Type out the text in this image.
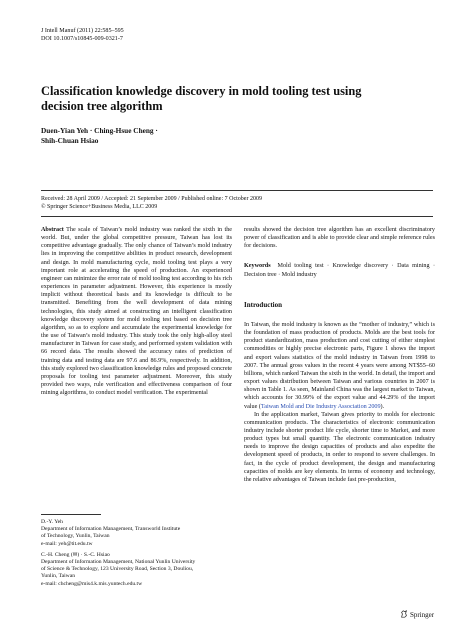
J Intell Manuf (2011) 22:585–595
DOI 10.1007/s10845-009-0321-7
Classification knowledge discovery in mold tooling test using decision tree algorithm
Duen-Yian Yeh · Ching-Hsue Cheng ·
Shih-Chuan Hsiao
Received: 28 April 2009 / Accepted: 21 September 2009 / Published online: 7 October 2009
© Springer Science+Business Media, LLC 2009

Abstract The scale of Taiwan’s mold industry was ranked the sixth in the world. But, under the global competitive pressure, Taiwan has lost its competitive advantage gradually. The only chance of Taiwan’s mold industry lies in improving the competitive abilities in product research, development and design. In mold manufacturing cycle, mold tooling test plays a very important role at accelerating the speed of production. An experienced engineer can minimize the error rate of mold tooling test according to his rich experiences in parameter adjustment. However, this experience is mostly implicit without theoretical basis and its knowledge is difficult to be transmitted. Benefiting from the well development of data mining technologies, this study aimed at constructing an intelligent classification knowledge discovery system for mold tooling test based on decision tree algorithm, so as to explore and accumulate the experimental knowledge for the use of Taiwan’s mold industry. This study took the only high-alloy steel manufacturer in Taiwan for case study, and performed system validation with 66 record data. The results showed the accuracy rates of prediction of training data and testing data are 97.6 and 86.9%, respectively. In addition, this study explored two classification knowledge rules and proposed concrete proposals for tooling test parameter adjustment. Moreover, this study provided two ways, rule verification and effectiveness comparison of four mining algorithms, to conduct model verification. The experimental

D.-Y. Yeh
Department of Information Management, Transworld Institute
of Technology, Yunlin, Taiwan
e-mail: yeh@tit.edu.tw

C.-H. Cheng (✉) · S.-C. Hsiao
Department of Information Management, National Yunlin University
of Science & Technology, 123 University Road, Section 3, Douliou,
Yunlin, Taiwan
e-mail: chcheng@mis4.k.mis.yuntech.edu.tw

results showed the decision tree algorithm has an excellent discriminatory power of classification and is able to provide clear and simple reference rules for decisions.

Keywords Mold tooling test · Knowledge discovery · Data mining · Decision tree · Mold industry

Introduction

In Taiwan, the mold industry is known as the “mother of industry,” which is the foundation of mass production of products. Molds are the best tools for product standardization, mass production and cost cutting of either simplest commodities or highly precise electronic parts, Figure 1 shows the import and export values statistics of the mold industry in Taiwan from 1998 to 2007. The annual gross values in the recent 4 years were among NT$55–60 billions, which ranked Taiwan the sixth in the world. In detail, the import and export values distribution between Taiwan and various countries in 2007 is shown in Table 1. As seen, Mainland China was the largest market to Taiwan, which accounts for 30.99% of the export value and 44.29% of the import value (Taiwan Mold and Die Industry Association 2009).

In the application market, Taiwan gives priority to molds for electronic communication products. The characteristics of electronic communication industry include shorter product life cycle, shorter time to Market, and more product types but small quantity. The electronic communication industry needs to improve the design capacities of products and also expedite the development speed of products, in order to respond to severe challenges. In fact, in the cycle of product development, the design and manufacturing capacities of molds are key elements. In terms of economy and technology, the relative advantages of Taiwan include fast pre-production,

Springer
